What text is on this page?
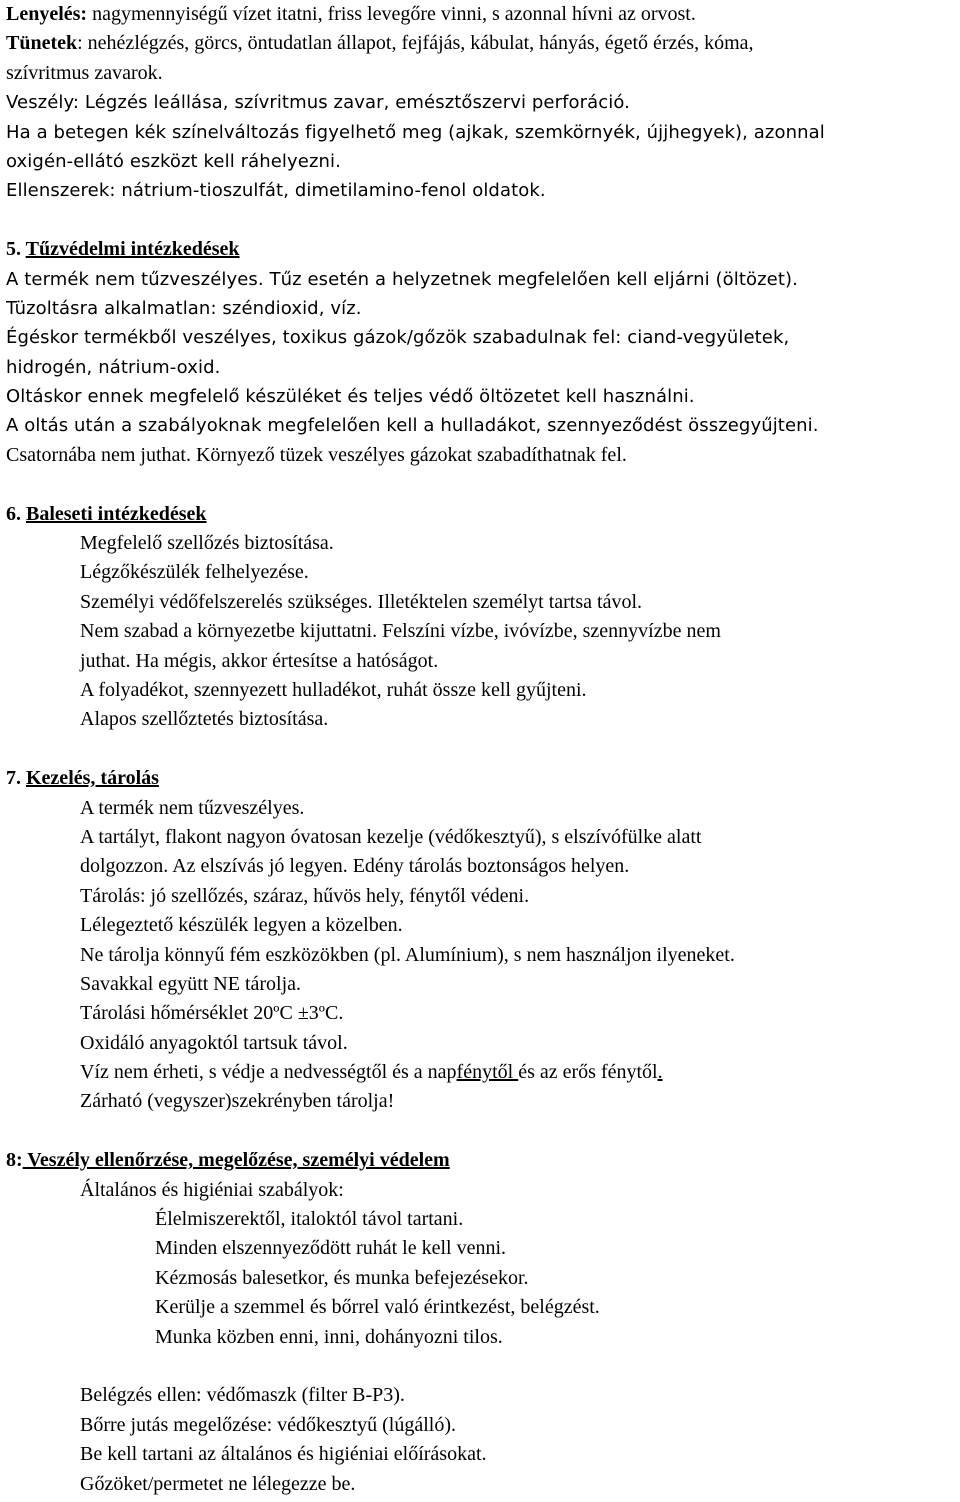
Lenyelés: nagymennyiségű vízet itatni, friss levegőre vinni, s azonnal hívni az orvost.
Tünetek: nehézlégzés, görcs, öntudatlan állapot, fejfájás, kábulat, hányás, égető érzés, kóma,
szívritmus zavarok.
Veszély: Légzés leállása, szívritmus zavar, emésztőszervi perforáció.
Ha a betegen kék színelváltozás figyelhető meg (ajkak, szemkörnyék, újjhegyek), azonnal
oxigén-ellátó eszközt kell ráhelyezni.
Ellenszerek: nátrium-tioszulfát, dimetilamino-fenol oldatok.
5. Tűzvédelmi intézkedések
A termék nem tűzveszélyes. Tűz esetén a helyzetnek megfelelően kell eljárni (öltözet).
Tüzoltásra alkalmatlan: széndioxid, víz.
Égéskor termékből veszélyes, toxikus gázok/gőzök szabadulnak fel: ciand-vegyületek,
hidrogén, nátrium-oxid.
Oltáskor ennek megfelelő készüléket és teljes védő öltözetet kell használni.
A oltás után a szabályoknak megfelelően kell a hulladákot, szennyeződést összegyűjteni.
Csatornába nem juthat. Környező tüzek veszélyes gázokat szabadíthatnak fel.
6. Baleseti intézkedések
Megfelelő szellőzés biztosítása.
Légzőkészülék felhelyezése.
Személyi védőfelszerelés szükséges. Illetéktelen személyt tartsa távol.
Nem szabad a környezetbe kijuttatni. Felszíni vízbe, ivóvízbe, szennyvízbe nem
juthat. Ha mégis, akkor értesítse a hatóságot.
A folyadékot, szennyezett hulladékot, ruhát össze kell gyűjteni.
Alapos szellőztetés biztosítása.
7. Kezelés, tárolás
A termék nem tűzveszélyes.
A tartályt, flakont nagyon óvatosan kezelje (védőkesztyű), s elszívófülke alatt
dolgozzon. Az elszívás jó legyen. Edény tárolás boztonságos helyen.
Tárolás: jó szellőzés, száraz, hűvös hely, fénytől védeni.
Lélegeztető készülék legyen a közelben.
Ne tárolja könnyű fém eszközökben (pl. Alumínium), s nem használjon ilyeneket.
Savakkal együtt NE tárolja.
Tárolási hőmérséklet 20ºC ±3ºC.
Oxidáló anyagoktól tartsuk távol.
Víz nem érheti, s védje a nedvességtől és a napfénytől és az erős fénytől.
Zárható (vegyszer)szekrényben tárolja!
8: Veszély ellenőrzése, megelőzése, személyi védelem
Általános és higiéniai szabályok:
Élelmiszerektől, italoktól távol tartani.
Minden elszennyeződött ruhát le kell venni.
Kézmosás balesetkor, és munka befejezésekor.
Kerülje a szemmel és bőrrel való érintkezést, belégzést.
Munka közben enni, inni, dohányozni tilos.
Belégzés ellen: védőmaszk (filter B-P3).
Bőrre jutás megelőzése: védőkesztyű (lúgálló).
Be kell tartani az általános és higiéniai előírásokat.
Gőzöket/permetet ne lélegezze be.
